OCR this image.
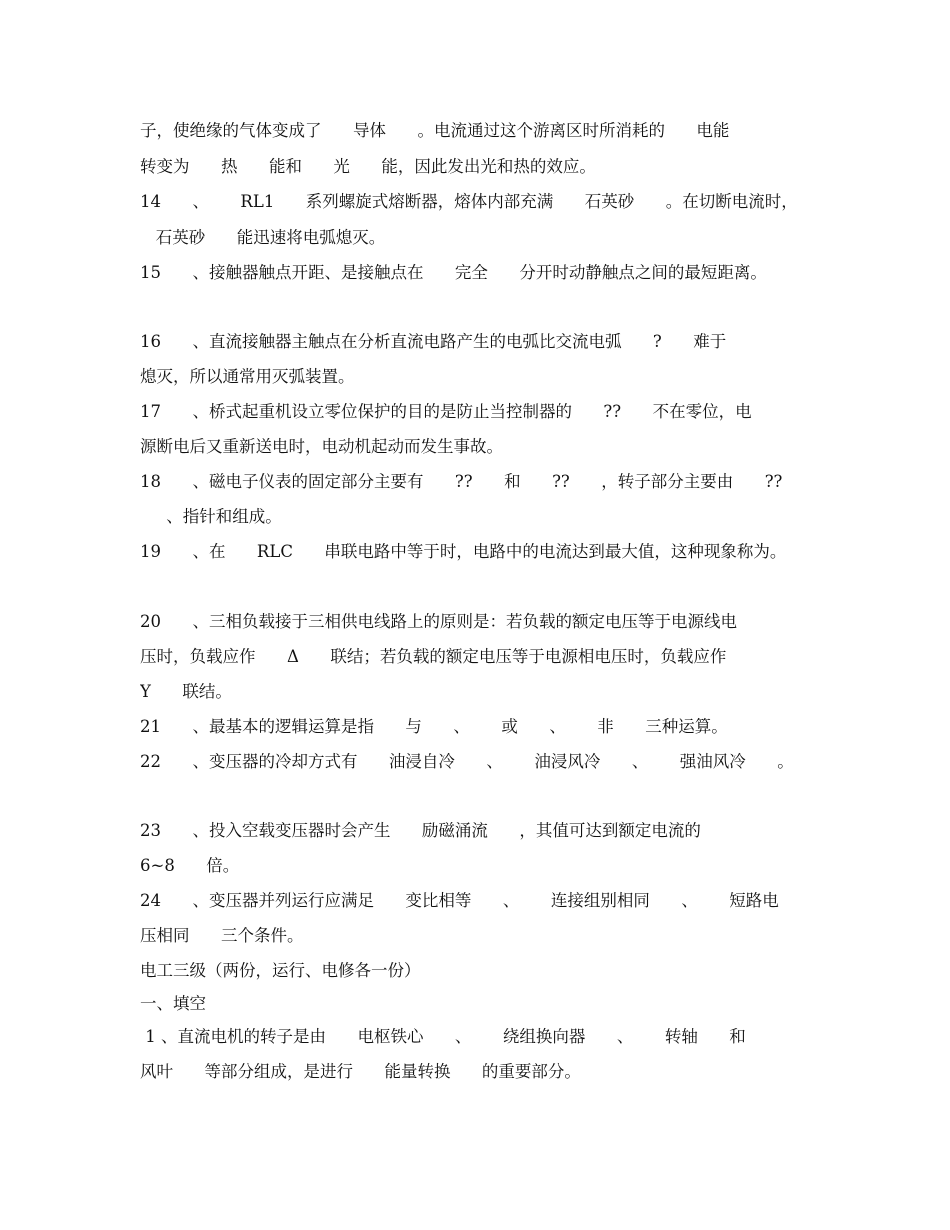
子，使绝缘的气体变成了      导体      。电流通过这个游离区时所消耗的      电能
转变为      热      能和      光      能，因此发出光和热的效应。
14      、      RL1      系列螺旋式熔断器，熔体内部充满      石英砂      。在切断电流时，
石英砂      能迅速将电弧熄灭。
15      、接触器触点开距、是接触点在      完全      分开时动静触点之间的最短距离。
16      、直流接触器主触点在分析直流电路产生的电弧比交流电弧      ?      难于
熄灭，所以通常用灭弧装置。
17      、桥式起重机设立零位保护的目的是防止当控制器的      ??      不在零位，电
源断电后又重新送电时，电动机起动而发生事故。
18      、磁电子仪表的固定部分主要有      ??      和      ??      ，转子部分主要由      ??
、指针和组成。
19      、在      RLC      串联电路中等于时，电路中的电流达到最大值，这种现象称为。
20      、三相负载接于三相供电线路上的原则是：若负载的额定电压等于电源线电
压时，负载应作      Δ      联结；若负载的额定电压等于电源相电压时，负载应作
Y      联结。
21      、最基本的逻辑运算是指      与      、      或      、      非      三种运算。
22      、变压器的冷却方式有      油浸自冷      、      油浸风冷      、      强油风冷      。
23      、投入空载变压器时会产生      励磁涌流      ，其值可达到额定电流的
6~8      倍。
24      、变压器并列运行应满足      变比相等      、      连接组别相同      、      短路电
压相同      三个条件。
电工三级（两份，运行、电修各一份）
一、填空
1 、直流电机的转子是由      电枢铁心      、      绕组换向器      、      转轴      和
风叶      等部分组成，是进行      能量转换      的重要部分。
